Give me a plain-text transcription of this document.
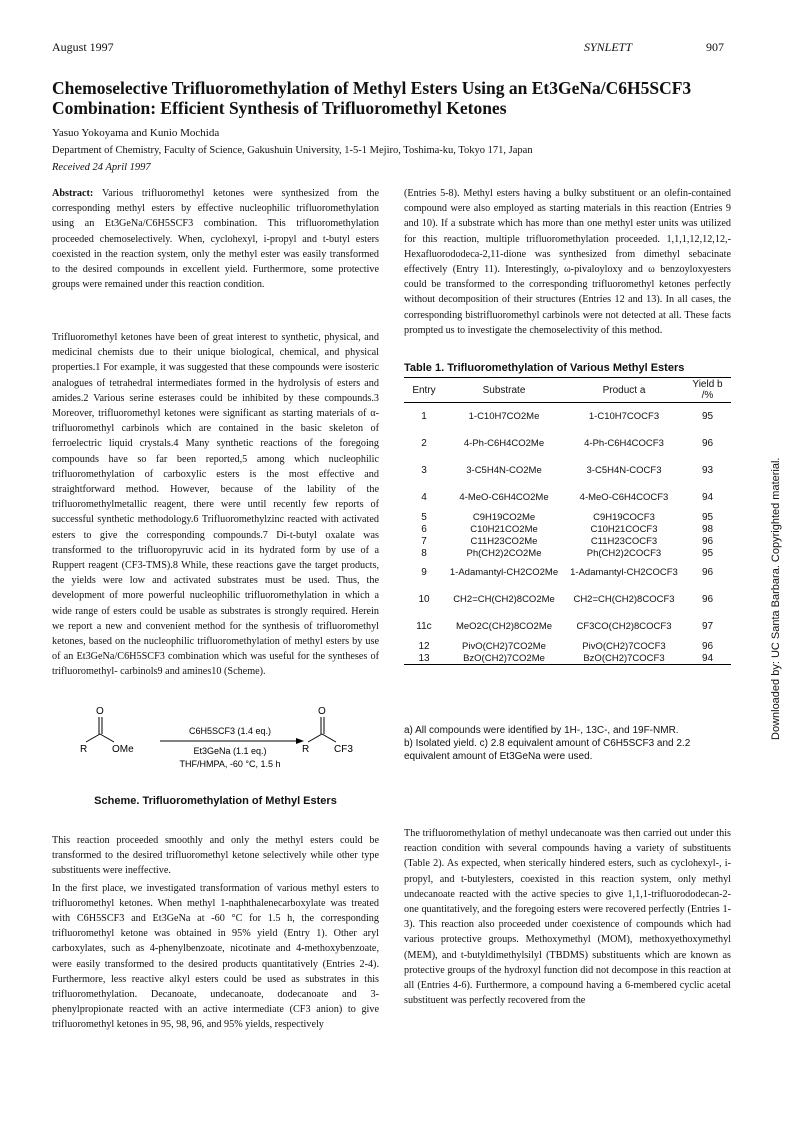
August 1997	SYNLETT	907
Chemoselective Trifluoromethylation of Methyl Esters Using an Et3GeNa/C6H5SCF3
Combination: Efficient Synthesis of Trifluoromethyl Ketones
Yasuo Yokoyama and Kunio Mochida
Department of Chemistry, Faculty of Science, Gakushuin University, 1-5-1 Mejiro, Toshima-ku, Tokyo 171, Japan
Received 24 April 1997

Abstract: Various trifluoromethyl ketones were synthesized from the corresponding methyl esters by effective nucleophilic trifluoromethylation using an Et3GeNa/C6H5SCF3 combination. This trifluoromethylation proceeded chemoselectively. When, cyclohexyl, i-propyl and t-butyl esters coexisted in the reaction system, only the methyl ester was easily transformed to the desired compounds in excellent yield. Furthermore, some protective groups were remained under this reaction condition.

Trifluoromethyl ketones have been of great interest to synthetic, physical, and medicinal chemists due to their unique biological, chemical, and physical properties.1 For example, it was suggested that these compounds were isosteric analogues of tetrahedral intermediates formed in the hydrolysis of esters and amides.2 Various serine esterases could be inhibited by these compounds.3 Moreover, trifluoromethyl ketones were significant as starting materials of α-trifluoromethyl carbinols which are contained in the basic skeleton of ferroelectric liquid crystals.4 Many synthetic reactions of the foregoing compounds have so far been reported,5 among which nucleophilic trifluoromethylation of carboxylic esters is the most effective and straightforward method. However, because of the lability of the trifluoromethylmetallic reagent, there were until recently few reports of successful synthetic methodology.6 Trifluoromethylzinc reacted with activated esters to give the corresponding compounds.7 Di-t-butyl oxalate was transformed to the trifluoropyruvic acid in its hydrated form by use of a Ruppert reagent (CF3-TMS).8 While, these reactions gave the target products, the yields were low and activated substrates must be used. Thus, the development of more powerful nucleophilic trifluoromethylation in which a wide range of esters could be usable as substrates is strongly required. Herein we report a new and convenient method for the synthesis of trifluoromethyl ketones, based on the nucleophilic trifluoromethylation of methyl esters by use of an Et3GeNa/C6H5SCF3 combination which was useful for the syntheses of trifluoromethyl- carbinols9 and amines10 (Scheme).

O
R OMe
C6H5SCF3 (1.4 eq.)
Et3GeNa (1.1 eq.)
THF/HMPA, -60 °C, 1.5 h
O
R CF3
Scheme. Trifluoromethylation of Methyl Esters

This reaction proceeded smoothly and only the methyl esters could be transformed to the desired trifluoromethyl ketone selectively while other type substituents were ineffective.

In the first place, we investigated transformation of various methyl esters to trifluoromethyl ketones. When methyl 1-naphthalenecarboxylate was treated with C6H5SCF3 and Et3GeNa at -60 °C for 1.5 h, the corresponding trifluoromethyl ketone was obtained in 95% yield (Entry 1). Other aryl carboxylates, such as 4-phenylbenzoate, nicotinate and 4-methoxybenzoate, were easily transformed to the desired products quantitatively (Entries 2-4). Furthermore, less reactive alkyl esters could be used as substrates in this trifluoromethylation. Decanoate, undecanoate, dodecanoate and 3-phenylpropionate reacted with an active intermediate (CF3 anion) to give trifluoromethyl ketones in 95, 98, 96, and 95% yields, respectively

(Entries 5-8). Methyl esters having a bulky substituent or an olefin-contained compound were also employed as starting materials in this reaction (Entries 9 and 10). If a substrate which has more than one methyl ester units was utilized for this reaction, multiple trifluoromethylation proceeded. 1,1,1,12,12,12,-Hexafluorododeca-2,11-dione was synthesized from dimethyl sebacinate effectively (Entry 11). Interestingly, ω-pivaloyloxy and ω benzoyloxyesters could be transformed to the corresponding trifluoromethyl ketones perfectly without decomposition of their structures (Entries 12 and 13). In all cases, the corresponding bistrifluoromethyl carbinols were not detected at all. These facts prompted us to investigate the chemoselectivity of this method.

Table 1. Trifluoromethylation of Various Methyl Esters
Entry	Substrate	Product a	Yield b /%
1	1-C10H7CO2Me	1-C10H7COCF3	95
2	4-Ph-C6H4CO2Me	4-Ph-C6H4COCF3	96
3	3-C5H4N-CO2Me	3-C5H4N-COCF3	93
4	4-MeO-C6H4CO2Me	4-MeO-C6H4COCF3	94
5	C9H19CO2Me	C9H19COCF3	95
6	C10H21CO2Me	C10H21COCF3	98
7	C11H23CO2Me	C11H23COCF3	96
8	Ph(CH2)2CO2Me	Ph(CH2)2COCF3	95
9	1-Adamantyl-CH2CO2Me	1-Adamantyl-CH2COCF3	96
10	CH2=CH(CH2)8CO2Me	CH2=CH(CH2)8COCF3	96
11c	MeO2C(CH2)8CO2Me	CF3CO(CH2)8COCF3	97
12	PivO(CH2)7CO2Me	PivO(CH2)7COCF3	96
13	BzO(CH2)7CO2Me	BzO(CH2)7COCF3	94
a) All compounds were identified by 1H-, 13C-, and 19F-NMR.
b) Isolated yield. c) 2.8 equivalent amount of C6H5SCF3 and 2.2 equivalent amount of Et3GeNa were used.

The trifluoromethylation of methyl undecanoate was then carried out under this reaction condition with several compounds having a variety of substituents (Table 2). As expected, when sterically hindered esters, such as cyclohexyl-, i-propyl, and t-butylesters, coexisted in this reaction system, only methyl undecanoate reacted with the active species to give 1,1,1-trifluorododecan-2-one quantitatively, and the foregoing esters were recovered perfectly (Entries 1-3). This reaction also proceeded under coexistence of compounds which had various protective groups. Methoxymethyl (MOM), methoxyethoxymethyl (MEM), and t-butyldimethylsilyl (TBDMS) substituents which are known as protective groups of the hydroxyl function did not decompose in this reaction at all (Entries 4-6). Furthermore, a compound having a 6-membered cyclic acetal substituent was perfectly recovered from the

Downloaded by: UC Santa Barbara. Copyrighted material.
